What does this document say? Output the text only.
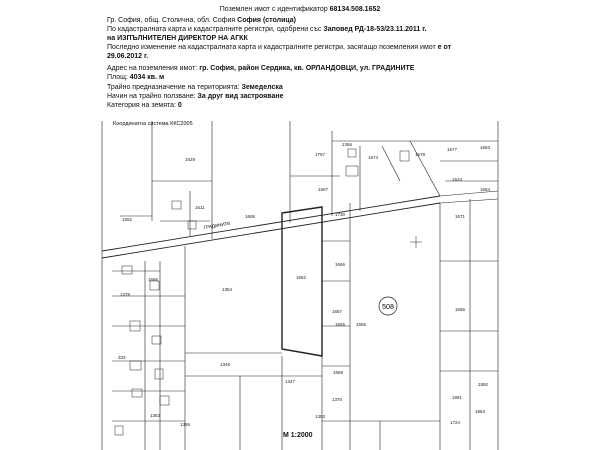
Поземлен имот с идентификатор 68134.508.1652
Гр. София, общ. Столична, обл. София София (столица)
По кадастралната карта и кадастралните регистри, одобрени със Заповед РД-18-53/23.11.2011 г.
на ИЗПЪЛНИТЕЛЕН ДИРЕКТОР НА АГКК
Последно изменение на кадастралната карта и кадастралните регистри, засягащо поземления имот е от
29.06.2012 г.
Адрес на поземления имот: гр. София, район Сердика, кв. ОРЛАНДОВЦИ, ул. ГРАДИНИТЕ
Площ: 4034 кв. м
Трайно предназначение на територията: Земеделска
Начин на трайно ползване: За друг вид застрояване
Категория на земята: 0
Координатна система ККС2005
508
ГРАДИНИТЕ
1629
1757
1366
1674
1678
1677	1663
1607	1684
1623
1552
1611
1606	1730	1671
1652
1666
1354
1666
1656
1378
1657
1655
1655
1348
1347
1669
1892
1891
1353
1724
1863
1355
333
1353
1370
М 1:2000
